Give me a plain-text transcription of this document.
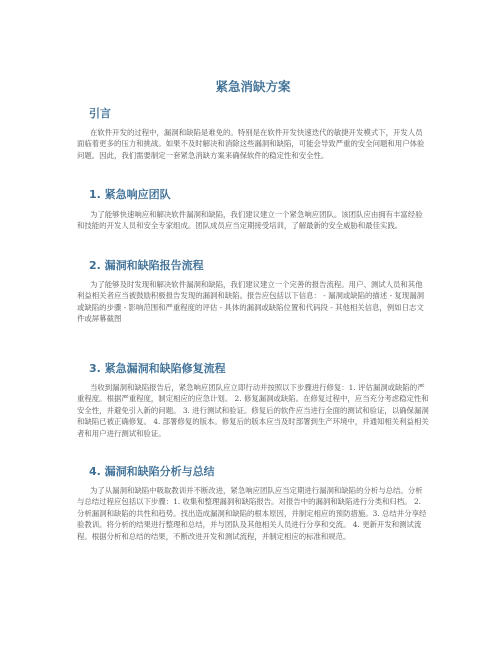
紧急消缺方案
引言

在软件开发的过程中，漏洞和缺陷是难免的。特别是在软件开发快速迭代的敏捷开发模式下，开发人员面临着更多的压力和挑战。如果不及时解决和消除这些漏洞和缺陷，可能会导致严重的安全问题和用户体验问题。因此，我们需要制定一套紧急消缺方案来确保软件的稳定性和安全性。

1. 紧急响应团队

为了能够快速响应和解决软件漏洞和缺陷，我们建议建立一个紧急响应团队。该团队应由拥有丰富经验和技能的开发人员和安全专家组成。团队成员应当定期接受培训，了解最新的安全威胁和最佳实践。

2. 漏洞和缺陷报告流程

为了能够及时发现和解决软件漏洞和缺陷，我们建议建立一个完善的报告流程。用户、测试人员和其他利益相关者应当被鼓励积极报告发现的漏洞和缺陷。报告应包括以下信息： - 漏洞或缺陷的描述 - 复现漏洞或缺陷的步骤 - 影响范围和严重程度的评估 - 具体的漏洞或缺陷位置和代码段 - 其他相关信息，例如日志文件或屏幕截图

3. 紧急漏洞和缺陷修复流程

当收到漏洞和缺陷报告后，紧急响应团队应立即行动并按照以下步骤进行修复：1. 评估漏洞或缺陷的严重程度。根据严重程度，制定相应的应急计划。 2. 修复漏洞或缺陷。在修复过程中，应当充分考虑稳定性和安全性，并避免引入新的问题。 3. 进行测试和验证。修复后的软件应当进行全面的测试和验证，以确保漏洞和缺陷已被正确修复。 4. 部署修复的版本。修复后的版本应当及时部署到生产环境中，并通知相关利益相关者和用户进行测试和验证。

4. 漏洞和缺陷分析与总结

为了从漏洞和缺陷中吸取教训并不断改进，紧急响应团队应当定期进行漏洞和缺陷的分析与总结。分析与总结过程应包括以下步骤：1. 收集和整理漏洞和缺陷报告。对报告中的漏洞和缺陷进行分类和归档。 2. 分析漏洞和缺陷的共性和趋势。找出造成漏洞和缺陷的根本原因，并制定相应的预防措施。3. 总结并分享经验教训。将分析的结果进行整理和总结，并与团队及其他相关人员进行分享和交流。 4. 更新开发和测试流程。根据分析和总结的结果，不断改进开发和测试流程，并制定相应的标准和规范。
